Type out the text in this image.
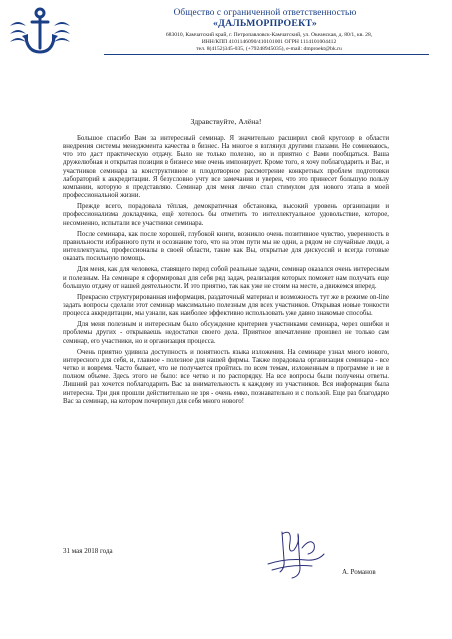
Общество с ограниченной ответственностью
«ДАЛЬМОРПРОЕКТ»
683010, Камчатский край, г. Петропавловск-Камчатский, ул. Океанская, д. 80/1, кв. 28,
ИНН/КПП 4101146090/410101001 ОГРН 1114101004412
тел. 8(4152)345-035, (+79248945035), e-mail: dmproekt@bk.ru
Здравствуйте, Алёна!

Большое спасибо Вам за интересный семинар. Я значительно расширил свой кругозор в области внедрения системы менеджмента качества в бизнес. На многое я взглянул другими глазами. Не сомневаюсь, что это даст практическую отдачу. Было не только полезно, но и приятно с Вами пообщаться. Ваша дружелюбная и открытая позиция в бизнесе мне очень импонирует. Кроме того, я хочу поблагодарить и Вас, и участников семинара за конструктивное и плодотворное рассмотрение конкретных проблем подготовки лабораторий к аккредитации. Я безусловно учту все замечания и уверен, что это принесет большую пользу компании, которую я представляю. Семинар для меня лично стал стимулом для нового этапа в моей профессиональной жизни.

Прежде всего, порадовала тёплая, демократичная обстановка, высокий уровень организации и профессионализма докладчика, ещё хотелось бы отметить то интеллектуальное удовольствие, которое, несомненно, испытали все участники семинара.

После семинара, как после хорошей, глубокой книги, возникло очень позитивное чувство, уверенность в правильности избранного пути и осознание того, что на этом пути мы не одни, а рядом не случайные люди, а интеллектуалы, профессионалы в своей области, такие как Вы, открытые для дискуссий и всегда готовые оказать посильную помощь.

Для меня, как для человека, ставящего перед собой реальные задачи, семинар оказался очень интересным и полезным. На семинаре я сформировал для себя ряд задач, реализация которых поможет нам получать еще большую отдачу от нашей деятельности. И это приятно, так как уже не стоим на месте, а движемся вперед.

Прекрасно структурированная информация, раздаточный материал и возможность тут же в режиме on-line задать вопросы сделали этот семинар максимально полезным для всех участников. Открывая новые тонкости процесса аккредитации, мы узнали, как наиболее эффективно использовать уже давно знакомые способы.

Для меня полезным и интересным было обсуждение критериев участниками семинара, через ошибки и проблемы других - открываешь недостатки своего дела. Приятное впечатление произвел не только сам семинар, его участники, но и организация процесса.

Очень приятно удивила доступность и понятность языка изложения. На семинаре узнал много нового, интересного для себя, и, главное - полезное для нашей фирмы. Также порадовала организация семинара - все четко и вовремя. Часто бывает, что не получается пройтись по всем темам, изложенным в программе и не в полном объеме. Здесь этого не было: все четко и по распорядку. На все вопросы были получены ответы. Лишний раз хочется поблагодарить Вас за внимательность к каждому из участников. Вся информация была интересна. Три дня прошли действительно не зря - очень емко, познавательно и с пользой. Еще раз благодарю Вас за семинар, на котором почерпнул для себя много нового!

31 мая 2018 года
А. Романов
